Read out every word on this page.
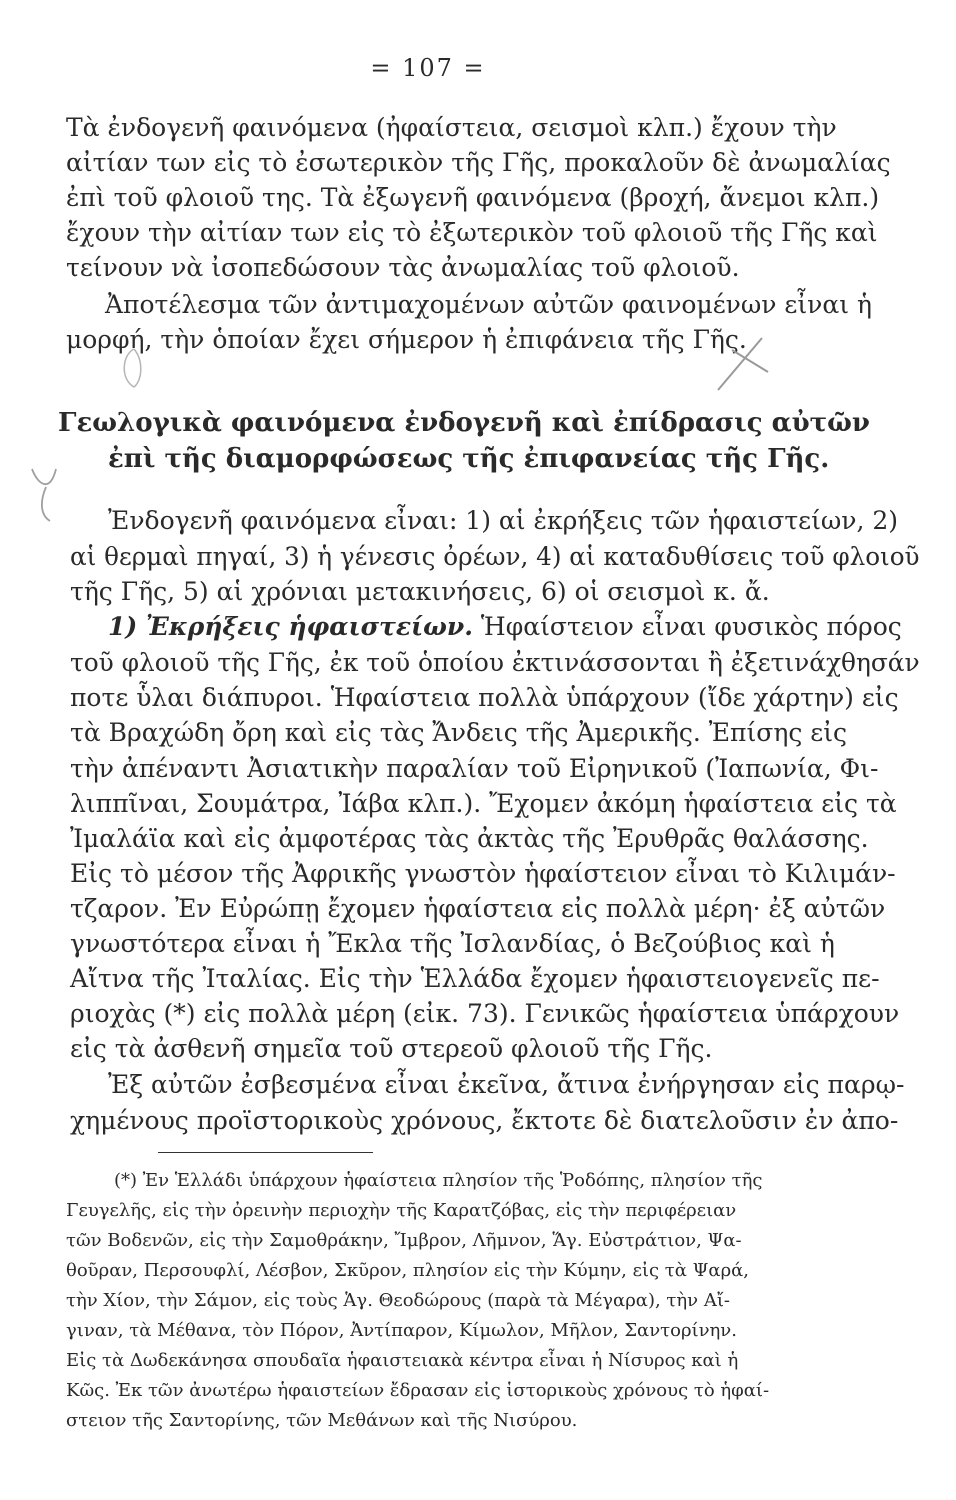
= 107 =
Τὰ ἐνδογενῆ φαινόμενα (ἠφαίστεια, σεισμοὶ κλπ.) ἔχουν τὴν
αἰτίαν των εἰς τὸ ἐσωτερικὸν τῆς Γῆς, προκαλοῦν δὲ ἀνωμαλίας
ἐπὶ τοῦ φλοιοῦ της. Τὰ ἐξωγενῆ φαινόμενα (βροχή, ἄνεμοι κλπ.)
ἔχουν τὴν αἰτίαν των εἰς τὸ ἐξωτερικὸν τοῦ φλοιοῦ τῆς Γῆς καὶ
τείνουν νὰ ἰσοπεδώσουν τὰς ἀνωμαλίας τοῦ φλοιοῦ.
Ἀποτέλεσμα τῶν ἀντιμαχομένων αὐτῶν φαινομένων εἶναι ἡ
μορφή, τὴν ὁποίαν ἔχει σήμερον ἡ ἐπιφάνεια τῆς Γῆς.
Γεωλογικὰ φαινόμενα ἐνδογενῆ καὶ ἐπίδρασις αὐτῶν
ἐπὶ τῆς διαμορφώσεως τῆς ἐπιφανείας τῆς Γῆς.
Ἐνδογενῆ φαινόμενα εἶναι: 1) αἱ ἐκρήξεις τῶν ἡφαιστείων, 2)
αἱ θερμαὶ πηγαί, 3) ἡ γένεσις ὀρέων, 4) αἱ καταδυθίσεις τοῦ φλοιοῦ
τῆς Γῆς, 5) αἱ χρόνιαι μετακινήσεις, 6) οἱ σεισμοὶ κ. ἄ.
1) Ἐκρήξεις ἡφαιστείων. Ἡφαίστειον εἶναι φυσικὸς πόρος
τοῦ φλοιοῦ τῆς Γῆς, ἐκ τοῦ ὁποίου ἐκτινάσσονται ἢ ἐξετινάχθησάν
ποτε ὗλαι διάπυροι. Ἡφαίστεια πολλὰ ὑπάρχουν (ἴδε χάρτην) εἰς
τὰ Βραχώδη ὄρη καὶ εἰς τὰς Ἄνδεις τῆς Ἀμερικῆς. Ἐπίσης εἰς
τὴν ἀπέναντι Ἀσιατικὴν παραλίαν τοῦ Εἰρηνικοῦ (Ἰαπωνία, Φι-
λιππῖναι, Σουμάτρα, Ἰάβα κλπ.). Ἔχομεν ἀκόμη ἡφαίστεια εἰς τὰ
Ἰμαλάϊα καὶ εἰς ἀμφοτέρας τὰς ἀκτὰς τῆς Ἐρυθρᾶς θαλάσσης.
Εἰς τὸ μέσον τῆς Ἀφρικῆς γνωστὸν ἡφαίστειον εἶναι τὸ Κιλιμάν-
τζαρον. Ἐν Εὐρώπῃ ἔχομεν ἡφαίστεια εἰς πολλὰ μέρη· ἐξ αὐτῶν
γνωστότερα εἶναι ἡ Ἔκλα τῆς Ἰσλανδίας, ὁ Βεζούβιος καὶ ἡ
Αἴτνα τῆς Ἰταλίας. Εἰς τὴν Ἑλλάδα ἔχομεν ἡφαιστειογενεῖς πε-
ριοχὰς (*) εἰς πολλὰ μέρη (εἰκ. 73). Γενικῶς ἡφαίστεια ὑπάρχουν
εἰς τὰ ἀσθενῆ σημεῖα τοῦ στερεοῦ φλοιοῦ τῆς Γῆς.
Ἐξ αὐτῶν ἐσβεσμένα εἶναι ἐκεῖνα, ἄτινα ἐνήργησαν εἰς παρῳ-
χημένους προϊστορικοὺς χρόνους, ἔκτοτε δὲ διατελοῦσιν ἐν ἀπο-
(*) Ἐν Ἑλλάδι ὑπάρχουν ἡφαίστεια πλησίον τῆς Ῥοδόπης, πλησίον τῆς
Γευγελῆς, εἰς τὴν ὀρεινὴν περιοχὴν τῆς Καρατζόβας, εἰς τὴν περιφέρειαν
τῶν Βοδενῶν, εἰς τὴν Σαμοθράκην, Ἴμβρον, Λῆμνον, Ἅγ. Εὐστράτιον, Ψα-
θοῦραν, Περσουφλί, Λέσβον, Σκῦρον, πλησίον εἰς τὴν Κύμην, εἰς τὰ Ψαρά,
τὴν Χίον, τὴν Σάμον, εἰς τοὺς Ἁγ. Θεοδώρους (παρὰ τὰ Μέγαρα), τὴν Αἴ-
γιναν, τὰ Μέθανα, τὸν Πόρον, Ἀντίπαρον, Κίμωλον, Μῆλον, Σαντορίνην.
Εἰς τὰ Δωδεκάνησα σπουδαῖα ἡφαιστειακὰ κέντρα εἶναι ἡ Νίσυρος καὶ ἡ
Κῶς. Ἐκ τῶν ἀνωτέρω ἡφαιστείων ἔδρασαν εἰς ἱστορικοὺς χρόνους τὸ ἡφαί-
στειον τῆς Σαντορίνης, τῶν Μεθάνων καὶ τῆς Νισύρου.
